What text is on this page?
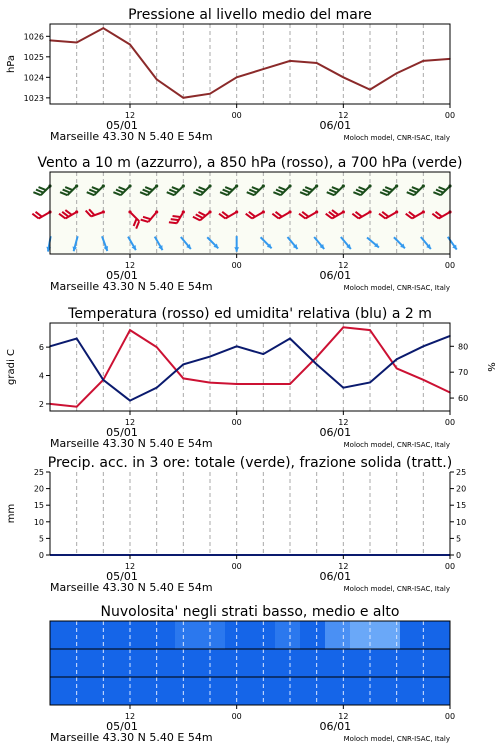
Pressione al livello medio del mare
1023
1024
1025
1026
hPa
12	00	12	00
05/01	06/01
Marseille 43.30 N 5.40 E 54m	Moloch model, CNR-ISAC, Italy
Vento a 10 m (azzurro), a 850 hPa (rosso), a 700 hPa (verde)
12	00	12	00
05/01	06/01
Marseille 43.30 N 5.40 E 54m	Moloch model, CNR-ISAC, Italy
Temperatura (rosso) ed umidita' relativa (blu) a 2 m
2
4
6
60
70
80
gradi C	%
12	00	12	00
05/01	06/01
Marseille 43.30 N 5.40 E 54m	Moloch model, CNR-ISAC, Italy
Precip. acc. in 3 ore: totale (verde), frazione solida (tratt.)
0
5
10
15
20
25
0
5
10
15
20
25
mm
12	00	12	00
05/01	06/01
Marseille 43.30 N 5.40 E 54m	Moloch model, CNR-ISAC, Italy
Nuvolosita' negli strati basso, medio e alto
12	00	12	00
05/01	06/01
Marseille 43.30 N 5.40 E 54m	Moloch model, CNR-ISAC, Italy
